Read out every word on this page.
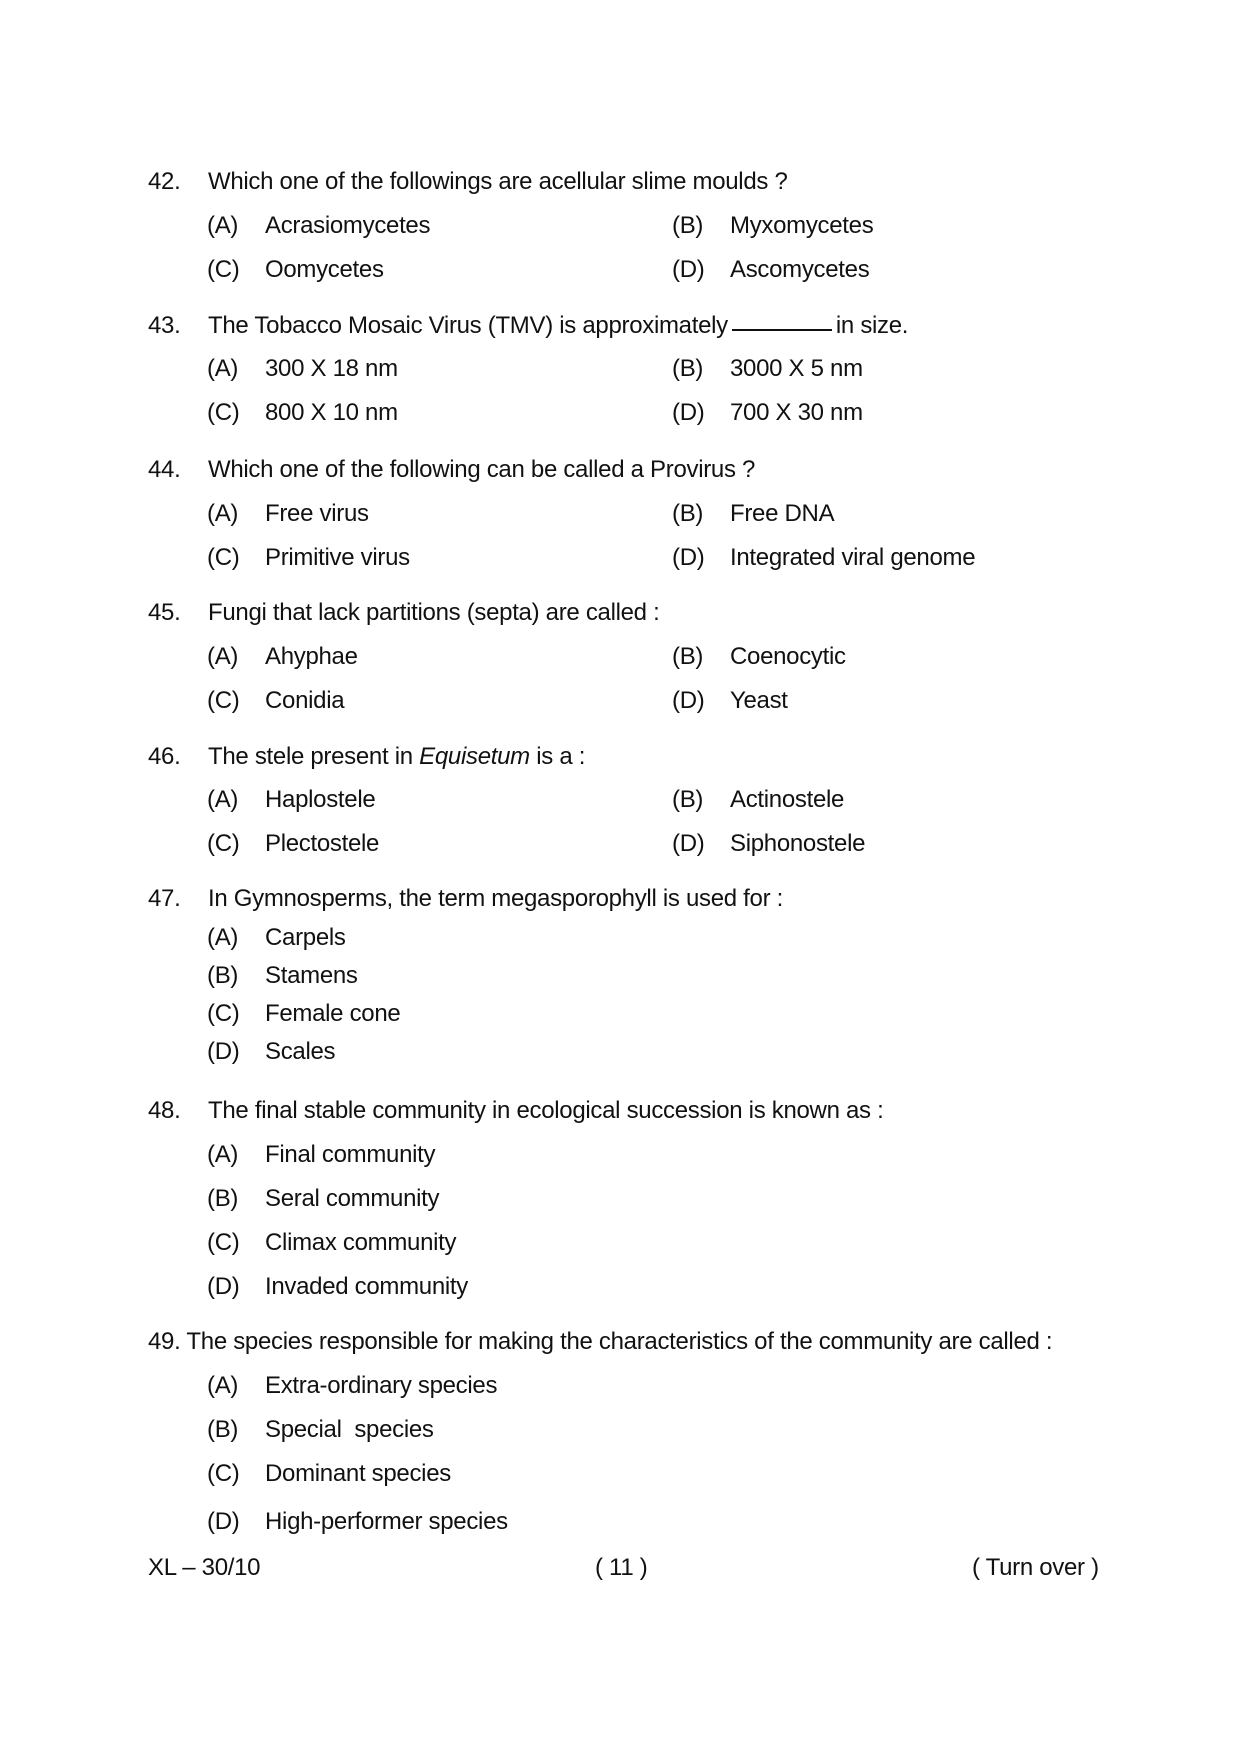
42. Which one of the followings are acellular slime moulds ?
(A) Acrasiomycetes	(B) Myxomycetes
(C) Oomycetes	(D) Ascomycetes
43. The Tobacco Mosaic Virus (TMV) is approximately	in size.
(A) 300 X 18 nm	(B) 3000 X 5 nm
(C) 800 X 10 nm	(D) 700 X 30 nm
44. Which one of the following can be called a Provirus ?
(A) Free virus	(B) Free DNA
(C) Primitive virus	(D) Integrated viral genome
45. Fungi that lack partitions (septa) are called :
(A) Ahyphae	(B) Coenocytic
(C) Conidia	(D) Yeast
46. The stele present in Equisetum is a :
(A) Haplostele	(B) Actinostele
(C) Plectostele	(D) Siphonostele
47. In Gymnosperms, the term megasporophyll is used for :
(A) Carpels
(B) Stamens
(C) Female cone
(D) Scales
48. The final stable community in ecological succession is known as :
(A) Final community
(B) Seral community
(C) Climax community
(D) Invaded community
49. The species responsible for making the characteristics of the community are called :
(A) Extra-ordinary species
(B) Special  species
(C) Dominant species
(D) High-performer species
XL – 30/10	( 11 )	( Turn over )
